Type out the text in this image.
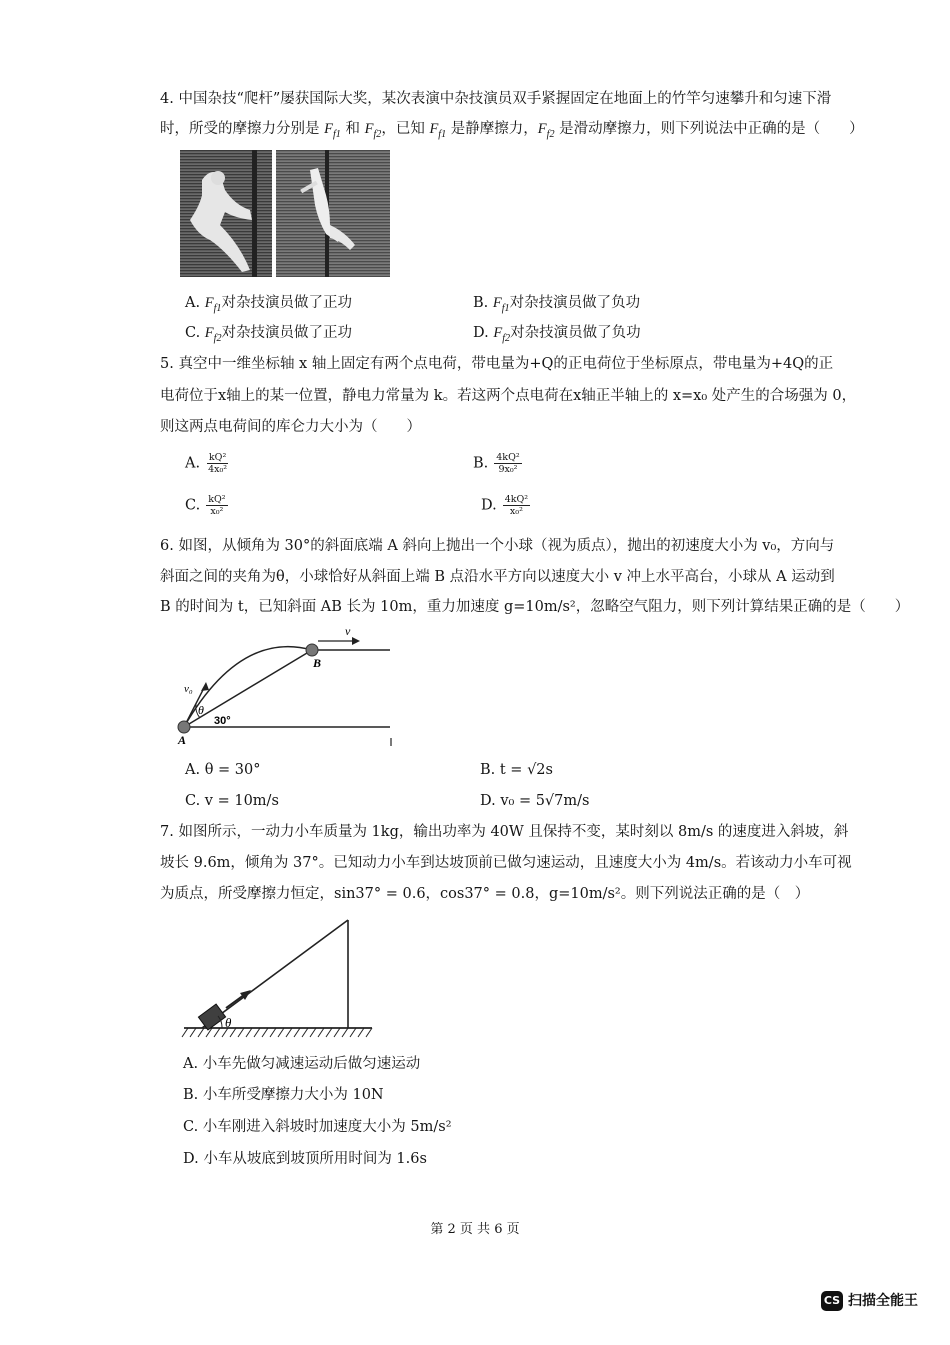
4. 中国杂技“爬杆”屡获国际大奖，某次表演中杂技演员双手紧握固定在地面上的竹竿匀速攀升和匀速下滑
时，所受的摩擦力分别是 $F_{f1}$ 和 $F_{f2}$，已知 $F_{f1}$ 是静摩擦力，$F_{f2}$ 是滑动摩擦力，则下列说法中正确的是（　　）
A. $F_{f1}$对杂技演员做了正功	B. $F_{f1}$对杂技演员做了负功
C. $F_{f2}$对杂技演员做了正功	D. $F_{f2}$对杂技演员做了负功
5. 真空中一维坐标轴 x 轴上固定有两个点电荷，带电量为+Q的正电荷位于坐标原点，带电量为+4Q的正
电荷位于x轴上的某一位置，静电力常量为 k。若这两个点电荷在x轴正半轴上的 x=x₀ 处产生的合场强为 0，
则这两点电荷间的库仑力大小为（　　）
A. $\frac{\text{kQ²}}{\text{4x₀²}}$	B. $\frac{\text{4kQ²}}{\text{9x₀²}}$
C. $\frac{\text{kQ²}}{\text{x₀²}}$	D. $\frac{\text{4kQ²}}{\text{x₀²}}$
6. 如图，从倾角为 30°的斜面底端 A 斜向上抛出一个小球（视为质点），抛出的初速度大小为 v₀，方向与
斜面之间的夹角为θ，小球恰好从斜面上端 B 点沿水平方向以速度大小 v 冲上水平高台，小球从 A 运动到
B 的时间为 t，已知斜面 AB 长为 10m，重力加速度 g=10m/s²，忽略空气阻力，则下列计算结果正确的是（　　）
v
B
v₀
θ
30°
A
A. θ = 30°	B. t = √2s
C. v = 10m/s	D. v₀ = 5√7m/s
7. 如图所示，一动力小车质量为 1kg，输出功率为 40W 且保持不变，某时刻以 8m/s 的速度进入斜坡，斜
坡长 9.6m，倾角为 37°。已知动力小车到达坡顶前已做匀速运动，且速度大小为 4m/s。若该动力小车可视
为质点，所受摩擦力恒定，sin37° = 0.6，cos37° = 0.8，g=10m/s²。则下列说法正确的是（　）
θ
A. 小车先做匀减速运动后做匀速运动
B. 小车所受摩擦力大小为 10N
C. 小车刚进入斜坡时加速度大小为 5m/s²
D. 小车从坡底到坡顶所用时间为 1.6s
第 2 页 共 6 页
CS 扫描全能王
